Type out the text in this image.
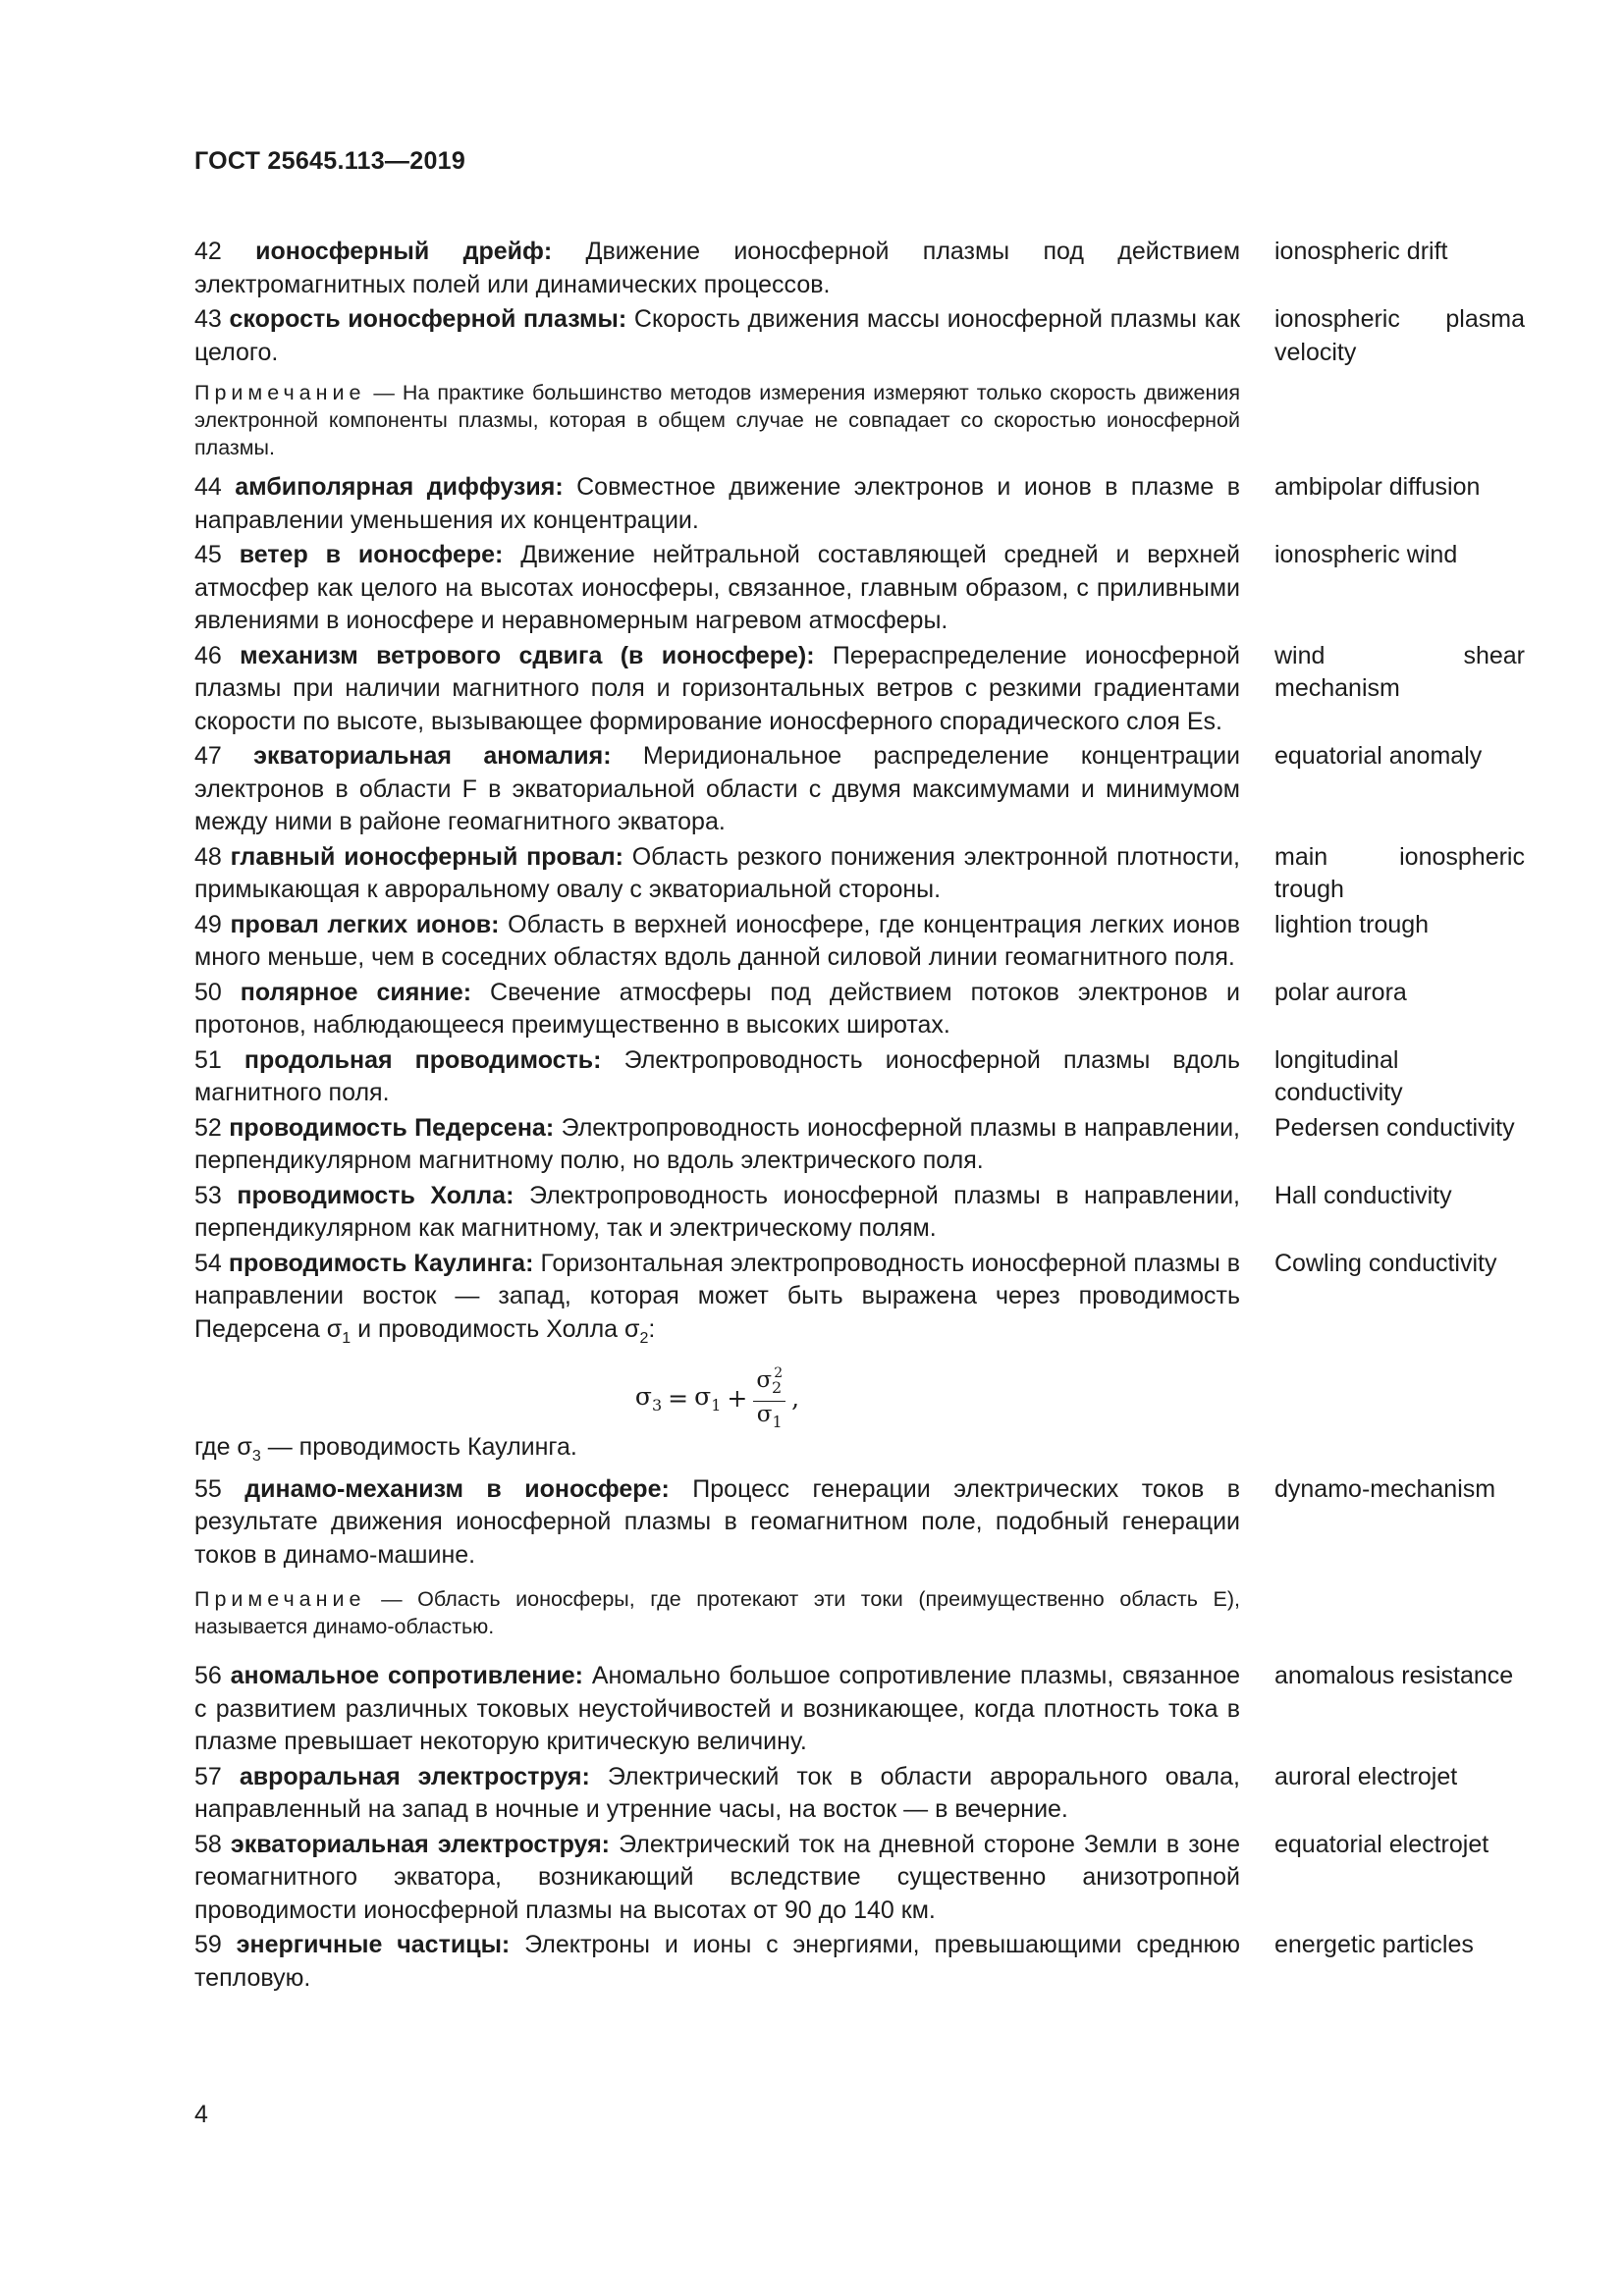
ГОСТ 25645.113—2019
42 ионосферный дрейф: Движение ионосферной плазмы под действием электромагнитных полей или динамических процессов.
ionospheric drift
43 скорость ионосферной плазмы: Скорость движения массы ионосферной плазмы как целого.
ionospheric plasma velocity
Примечание — На практике большинство методов измерения измеряют только скорость движения электронной компоненты плазмы, которая в общем случае не совпадает со скоростью ионосферной плазмы.
44 амбиполярная диффузия: Совместное движение электронов и ионов в плазме в направлении уменьшения их концентрации.
ambipolar diffusion
45 ветер в ионосфере: Движение нейтральной составляющей средней и верхней атмосфер как целого на высотах ионосферы, связанное, главным образом, с приливными явлениями в ионосфере и неравномерным нагревом атмосферы.
ionospheric wind
46 механизм ветрового сдвига (в ионосфере): Перераспределение ионосферной плазмы при наличии магнитного поля и горизонтальных ветров с резкими градиентами скорости по высоте, вызывающее формирование ионосферного спорадического слоя Es.
wind shear mechanism
47 экваториальная аномалия: Меридиональное распределение концентрации электронов в области F в экваториальной области с двумя максимумами и минимумом между ними в районе геомагнитного экватора.
equatorial anomaly
48 главный ионосферный провал: Область резкого понижения электронной плотности, примыкающая к авроральному овалу с экваториальной стороны.
main ionospheric trough
49 провал легких ионов: Область в верхней ионосфере, где концентрация легких ионов много меньше, чем в соседних областях вдоль данной силовой линии геомагнитного поля.
lightion trough
50 полярное сияние: Свечение атмосферы под действием потоков электронов и протонов, наблюдающееся преимущественно в высоких широтах.
polar aurora
51 продольная проводимость: Электропроводность ионосферной плазмы вдоль магнитного поля.
longitudinal conductivity
52 проводимость Педерсена: Электропроводность ионосферной плазмы в направлении, перпендикулярном магнитному полю, но вдоль электрического поля.
Pedersen conductivity
53 проводимость Холла: Электропроводность ионосферной плазмы в направлении, перпендикулярном как магнитному, так и электрическому полям.
Hall conductivity
54 проводимость Каулинга: Горизонтальная электропроводность ионосферной плазмы в направлении восток — запад, которая может быть выражена через проводимость Педерсена $\sigma_1$ и проводимость Холла $\sigma_2$:
Cowling conductivity
$\sigma_3 = \sigma_1 + \frac{\sigma_2^2}{\sigma_1}$ ,
где $\sigma_3$ — проводимость Каулинга.
55 динамо-механизм в ионосфере: Процесс генерации электрических токов в результате движения ионосферной плазмы в геомагнитном поле, подобный генерации токов в динамо-машине.
dynamo-mechanism
Примечание — Область ионосферы, где протекают эти токи (преимущественно область E), называется динамо-областью.
56 аномальное сопротивление: Аномально большое сопротивление плазмы, связанное с развитием различных токовых неустойчивостей и возникающее, когда плотность тока в плазме превышает некоторую критическую величину.
anomalous resistance
57 авроральная электроструя: Электрический ток в области аврорального овала, направленный на запад в ночные и утренние часы, на восток — в вечерние.
auroral electrojet
58 экваториальная электроструя: Электрический ток на дневной стороне Земли в зоне геомагнитного экватора, возникающий вследствие существенно анизотропной проводимости ионосферной плазмы на высотах от 90 до 140 км.
equatorial electrojet
59 энергичные частицы: Электроны и ионы с энергиями, превышающими среднюю тепловую.
energetic particles
4
